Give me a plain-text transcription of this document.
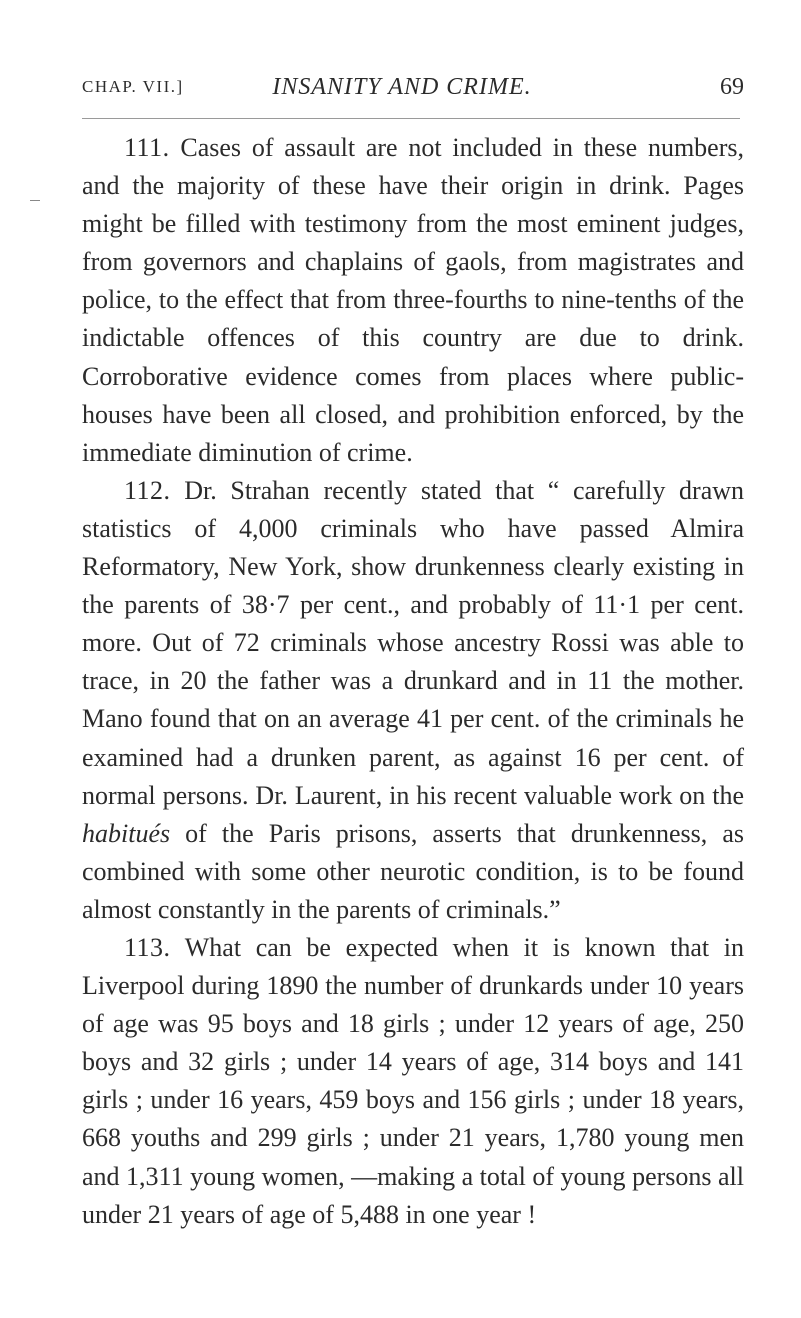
CHAP. VII.]	INSANITY AND CRIME.	69

111. Cases of assault are not included in these numbers, and the majority of these have their origin in drink. Pages might be filled with testimony from the most eminent judges, from governors and chaplains of gaols, from magistrates and police, to the effect that from three-fourths to nine-tenths of the indictable offences of this country are due to drink. Corroborative evidence comes from places where public-houses have been all closed, and prohibition enforced, by the immediate diminution of crime.

112. Dr. Strahan recently stated that “ carefully drawn statistics of 4,000 criminals who have passed Almira Reformatory, New York, show drunkenness clearly existing in the parents of 38·7 per cent., and probably of 11·1 per cent. more. Out of 72 criminals whose ancestry Rossi was able to trace, in 20 the father was a drunkard and in 11 the mother. Mano found that on an average 41 per cent. of the criminals he examined had a drunken parent, as against 16 per cent. of normal persons. Dr. Laurent, in his recent valuable work on the habitués of the Paris prisons, asserts that drunkenness, as combined with some other neurotic condition, is to be found almost constantly in the parents of criminals.”

113. What can be expected when it is known that in Liverpool during 1890 the number of drunkards under 10 years of age was 95 boys and 18 girls ; under 12 years of age, 250 boys and 32 girls ; under 14 years of age, 314 boys and 141 girls ; under 16 years, 459 boys and 156 girls ; under 18 years, 668 youths and 299 girls ; under 21 years, 1,780 young men and 1,311 young women, —making a total of young persons all under 21 years of age of 5,488 in one year !
